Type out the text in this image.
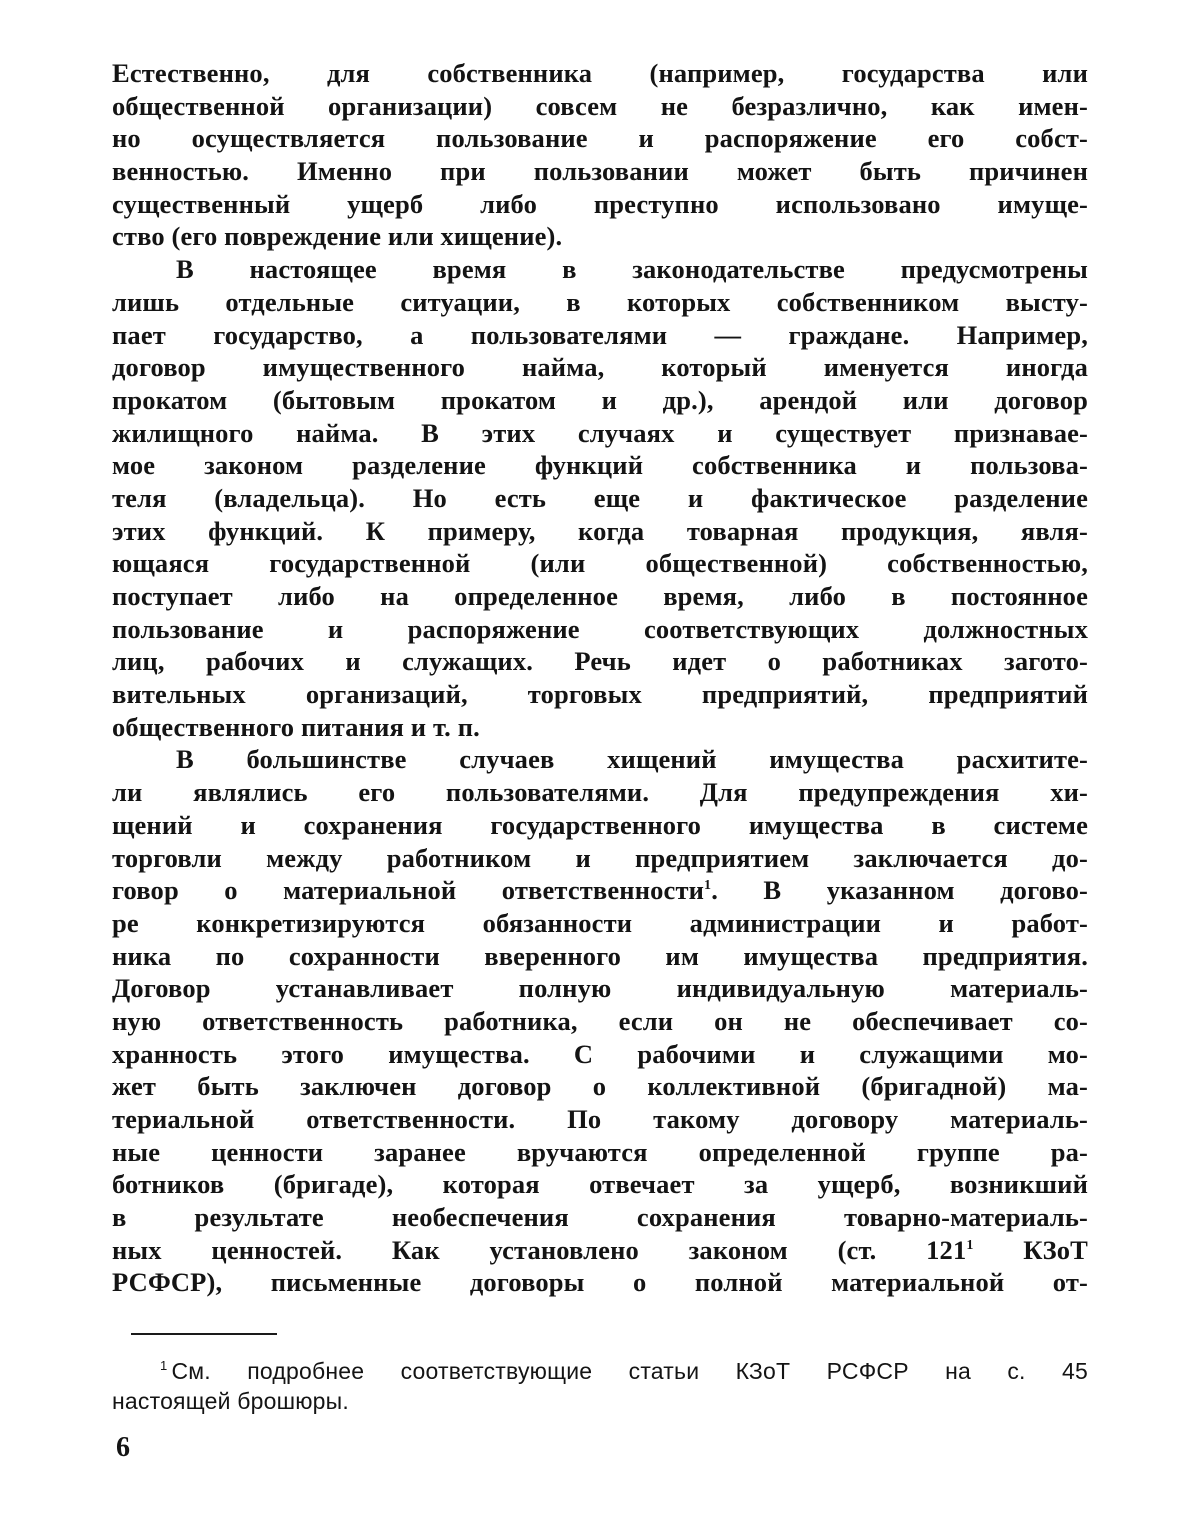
Естественно, для собственника (например, государства или
общественной организации) совсем не безразлично, как имен-
но осуществляется пользование и распоряжение его собст-
венностью. Именно при пользовании может быть причинен
существенный ущерб либо преступно использовано имуще-
ство (его повреждение или хищение).
В настоящее время в законодательстве предусмотрены
лишь отдельные ситуации, в которых собственником высту-
пает государство, а пользователями — граждане. Например,
договор имущественного найма, который именуется иногда
прокатом (бытовым прокатом и др.), арендой или договор
жилищного найма. В этих случаях и существует признавае-
мое законом разделение функций собственника и пользова-
теля (владельца). Но есть еще и фактическое разделение
этих функций. К примеру, когда товарная продукция, явля-
ющаяся государственной (или общественной) собственностью,
поступает либо на определенное время, либо в постоянное
пользование и распоряжение соответствующих должностных
лиц, рабочих и служащих. Речь идет о работниках загото-
вительных организаций, торговых предприятий, предприятий
общественного питания и т. п.
В большинстве случаев хищений имущества расхитите-
ли являлись его пользователями. Для предупреждения хи-
щений и сохранения государственного имущества в системе
торговли между работником и предприятием заключается до-
говор о материальной ответственности$^1$. В указанном догово-
ре конкретизируются обязанности администрации и работ-
ника по сохранности вверенного им имущества предприятия.
Договор устанавливает полную индивидуальную материаль-
ную ответственность работника, если он не обеспечивает со-
хранность этого имущества. С рабочими и служащими мо-
жет быть заключен договор о коллективной (бригадной) ма-
териальной ответственности. По такому договору материаль-
ные ценности заранее вручаются определенной группе ра-
ботников (бригаде), которая отвечает за ущерб, возникший
в результате необеспечения сохранения товарно-материаль-
ных ценностей. Как установлено законом (ст. 121$^1$ КЗоТ
РСФСР), письменные договоры о полной материальной от-
$^1$ См. подробнее соответствующие статьи КЗоТ РСФСР на с. 45
настоящей брошюры.
6
